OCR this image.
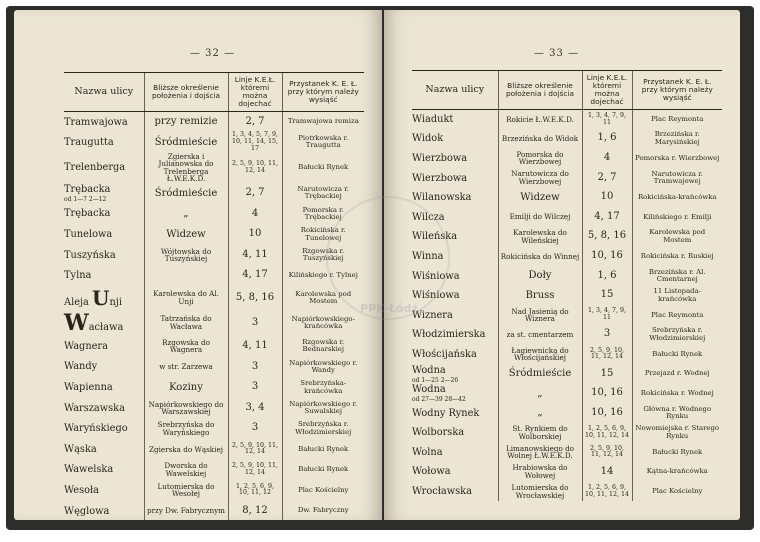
— 32 —
Nazwa ulicy	Bliższe określenie położenia i dojścia	Linje K.E.Ł. któremi można dojechać	Przystanek K. E. Ł. przy którym należy wysiąść
Tramwajowa	przy remizie	2, 7	Tramwajowa remiza
Traugutta	Śródmieście	1, 3, 4, 5, 7, 9, 10, 11, 14, 15, 17	Piotrkowska r. Traugutta
Trelenberga	Zgierska i Julianowska do Trelenberga Ł.W.E.K.D.	2, 5, 9, 10, 11, 12, 14	Bałucki Rynek
Trębacka
od 1—7 2—12	Śródmieście	2, 7	Narutowicza r. Trębackiej
Trębacka	„	4	Pomorska r. Trębackiej
Tunelowa	Widzew	10	Rokicińska r. Tunelowej
Tuszyńska	Wójtowska do Tuszyńskiej	4, 11	Rzgowska r. Tuszyńskiej
Tylna		4, 17	Kilińskiego r. Tylnej
Aleja Unji	Karolewska do Al. Unji	5, 8, 16	Karolewska pod Mostem
Wacława	Tatrzańska do Wacława	3	Napiórkowskiego-krańcówka
Wagnera	Rzgowska do Wagnera	4, 11	Rzgowska r. Bednarskiej
Wandy	w str. Zarzewa	3	Napiórkowskiego r. Wandy
Wapienna	Koziny	3	Srebrzyńska-krańcówka
Warszawska	Napiórkowskiego do Warszawskiej	3, 4	Napiórkowskiego r. Suwalskiej
Waryńskiego	Srebrzyńska do Waryńskiego	3	Srebrzyńska r. Włodzimierskiej
Wąska	Zgierska do Wąskiej	2, 5, 9, 10, 11, 12, 14	Bałucki Rynek
Wawelska	Dworska do Wawelskiej	2, 5, 9, 10, 11, 12, 14	Bałucki Rynek
Wesoła	Lutomierska do Wesołej	1, 2, 5, 6, 9, 10, 11, 12	Plac Kościelny
Węglowa	przy Dw. Fabrycznym	8, 12	Dw. Fabryczny
— 33 —
Nazwa ulicy	Bliższe określenie położenia i dojścia	Linje K.E.Ł. któremi można dojechać	Przystanek K. E. Ł. przy którym należy wysiąść
Wiadukt	Rokicie Ł.W.E.K.D.	1, 3, 4, 7, 9, 11	Plac Reymonta
Widok	Brzezińska do Widok	1, 6	Brzezińska r. Marysińskiej
Wierzbowa	Pomorska do Wierzbowej	4	Pomorska r. Wierzbowej
Wierzbowa	Narutowicza do Wierzbowej	2, 7	Narutowicza r. Tramwajowej
Wilanowska	Widzew	10	Rokicińska-krańcówka
Wilcza	Emilji do Wilczej	4, 17	Kilińskiego r. Emilji
Wileńska	Karolewska do Wileńskiej	5, 8, 16	Karolewska pod Mostem
Winna	Rokicińska do Winnej	10, 16	Rokicińska r. Ruskiej
Wiśniowa	Doły	1, 6	Brzezińska r. Al. Cmentarnej
Wiśniowa	Bruss	15	11 Listopada-krańcówka
Wiznera	Nad Jasienią do Wiznera	1, 3, 4, 7, 9, 11	Plac Reymonta
Włodzimierska	za st. cmentarzem	3	Srebrzyńska r. Włodzimierskiej
Włościjańska	Łagiewnicką do Włościjańskiej	2, 5, 9, 10, 11, 12, 14	Bałucki Rynek
Wodna
od 1—25 2—26	Śródmieście	15	Przejazd r. Wodnej
Wodna
od 27—39 28—42	„	10, 16	Rokicińska r. Wodnej
Wodny Rynek	„	10, 16	Główna r. Wodnego Rynku
Wolborska	St. Rynkiem do Wolborskiej	1, 2, 5, 6, 9, 10, 11, 12, 14	Nowomiejska r. Starego Rynku
Wolna	Limanowskiego do Wolnej Ł.W.E.K.D.	2, 5, 9, 10, 11, 12, 14	Bałucki Rynek
Wołowa	Hrabiowska do Wołowej	14	Kątna-krańcówka
Wrocławska	Lutomierska do Wrocławskiej	1, 2, 5, 6, 9, 10, 11, 12, 14	Plac Kościelny
PPK·Łódź
